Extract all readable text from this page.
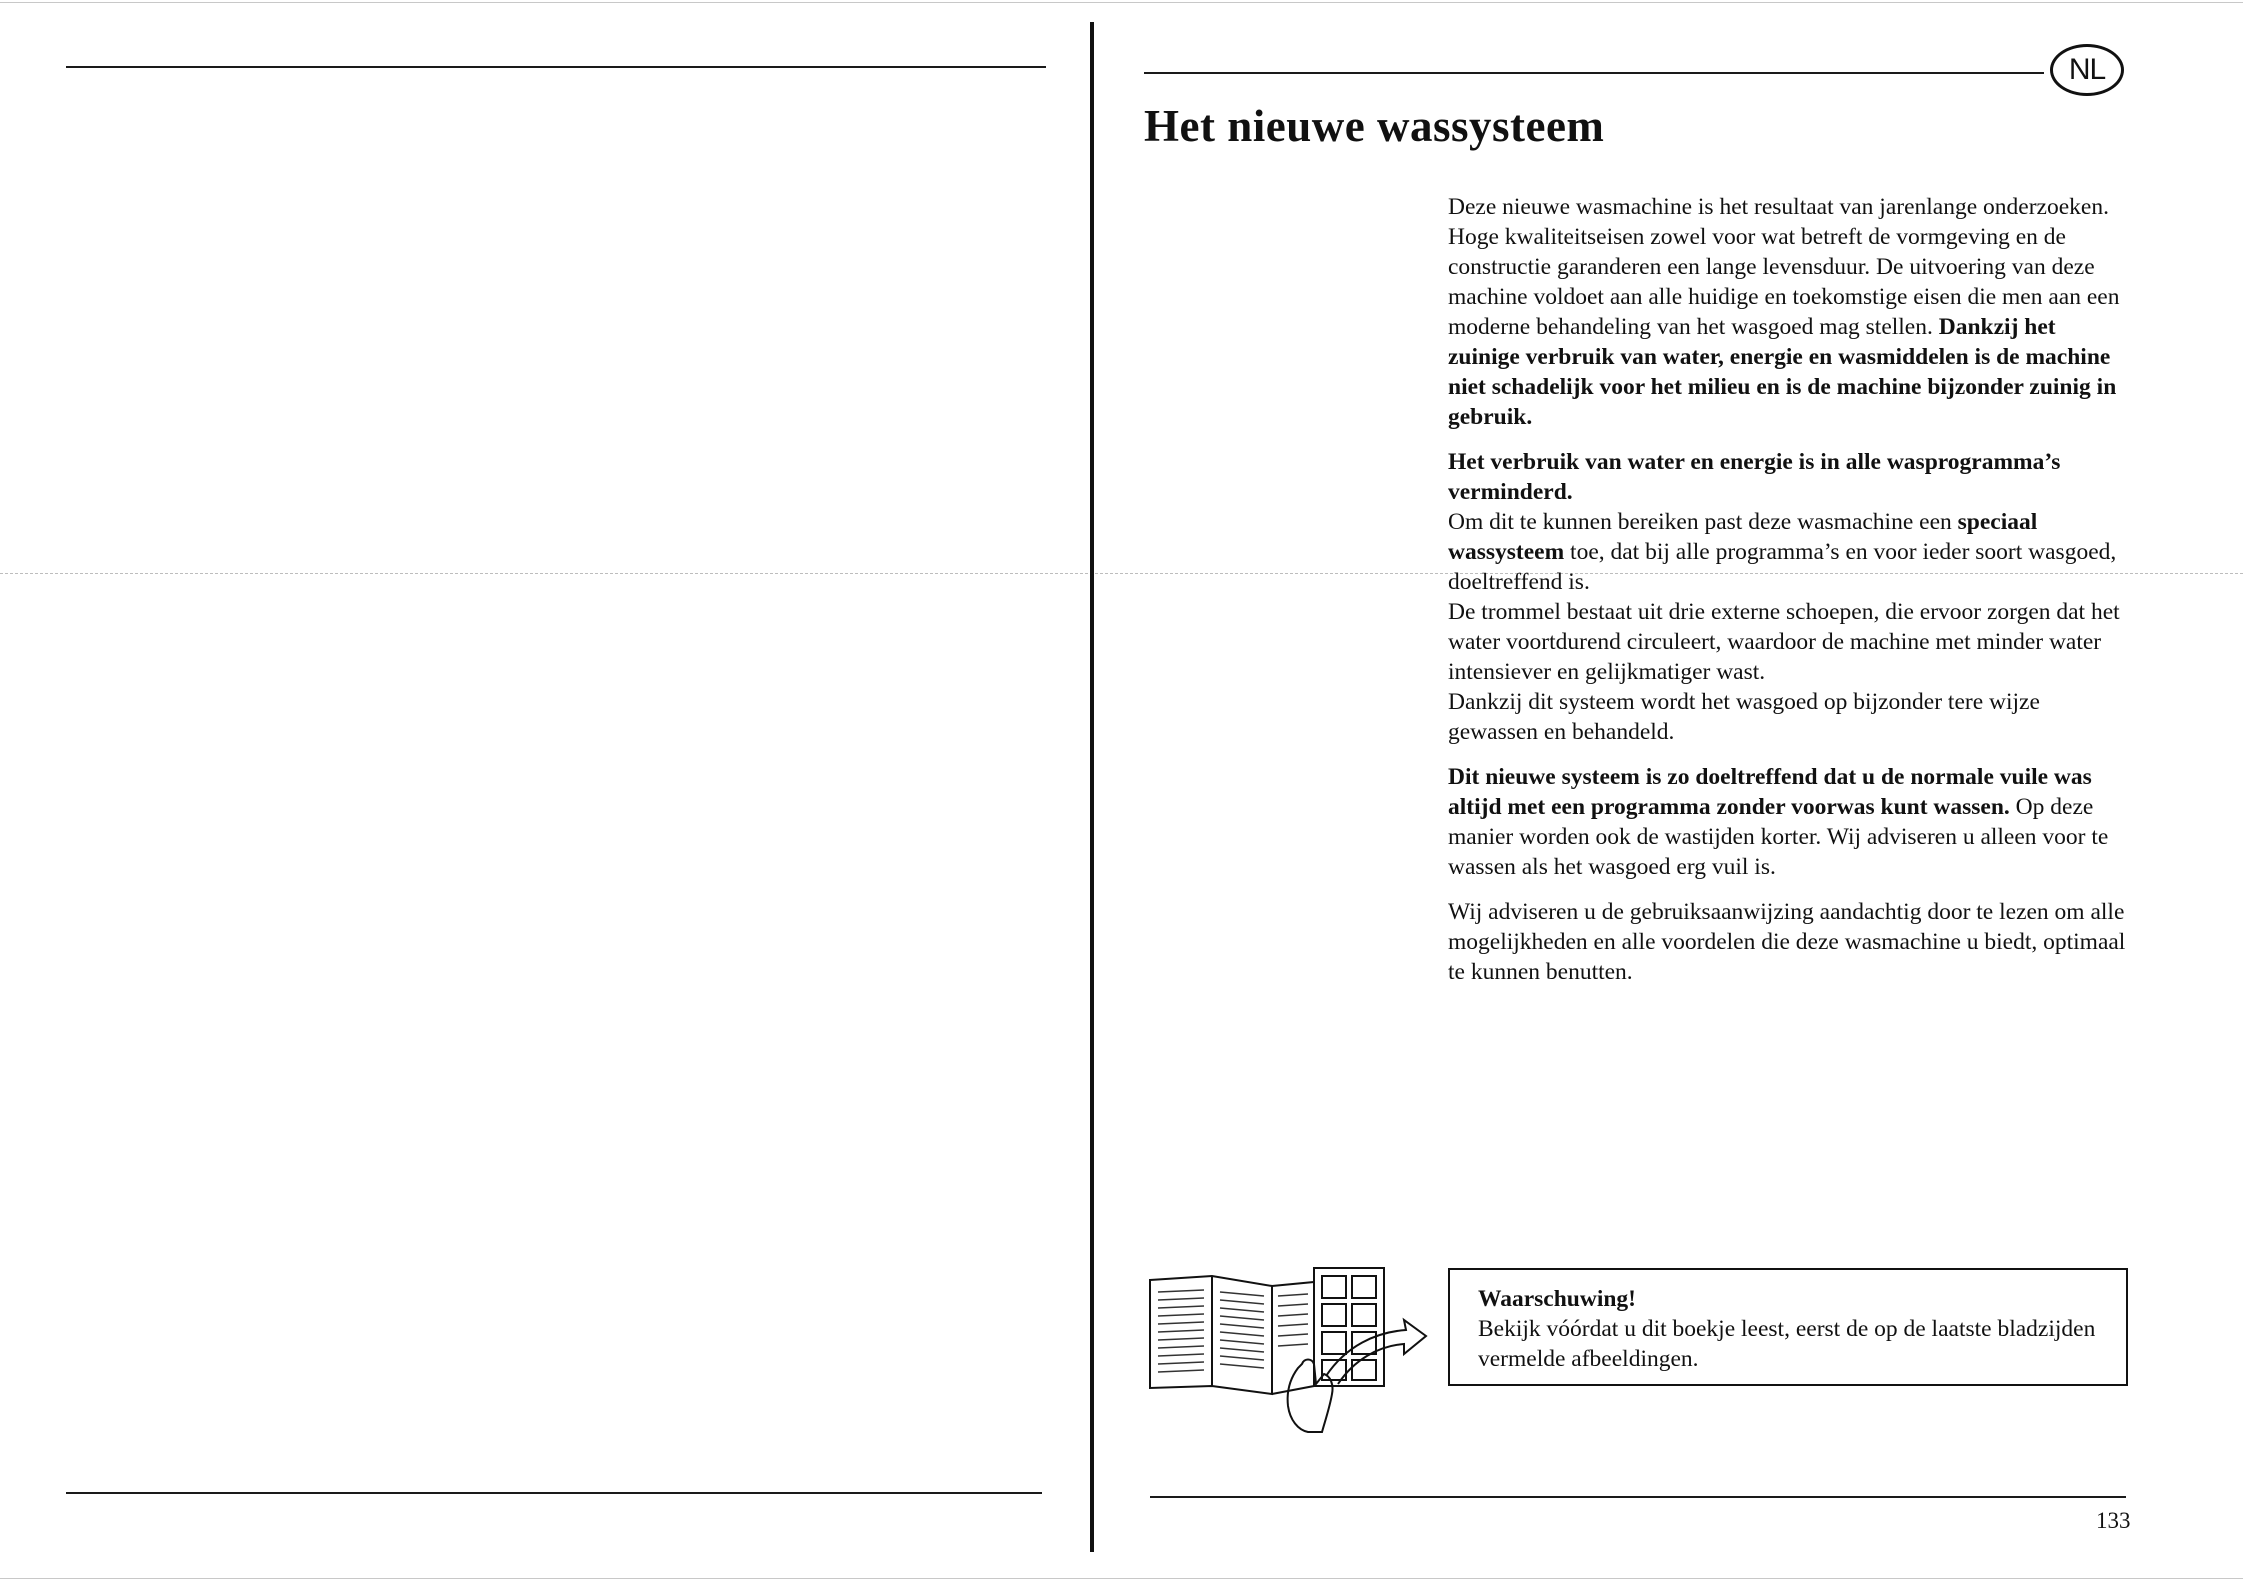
NL
Het nieuwe wassysteem

Deze nieuwe wasmachine is het resultaat van jarenlange onderzoeken. Hoge kwaliteitseisen zowel voor wat betreft de vormgeving en de constructie garanderen een lange levensduur. De uitvoering van deze machine voldoet aan alle huidige en toekomstige eisen die men aan een moderne behandeling van het wasgoed mag stellen. Dankzij het zuinige verbruik van water, energie en wasmiddelen is de machine niet schadelijk voor het milieu en is de machine bijzonder zuinig in gebruik.

Het verbruik van water en energie is in alle wasprogramma’s verminderd.
Om dit te kunnen bereiken past deze wasmachine een speciaal wassysteem toe, dat bij alle programma’s en voor ieder soort wasgoed, doeltreffend is.
De trommel bestaat uit drie externe schoepen, die ervoor zorgen dat het water voortdurend circuleert, waardoor de machine met minder water intensiever en gelijkmatiger wast.
Dankzij dit systeem wordt het wasgoed op bijzonder tere wijze gewassen en behandeld.

Dit nieuwe systeem is zo doeltreffend dat u de normale vuile was altijd met een programma zonder voorwas kunt wassen. Op deze manier worden ook de wastijden korter. Wij adviseren u alleen voor te wassen als het wasgoed erg vuil is.

Wij adviseren u de gebruiksaanwijzing aandachtig door te lezen om alle mogelijkheden en alle voordelen die deze wasmachine u biedt, optimaal te kunnen benutten.

Waarschuwing!
Bekijk vóórdat u dit boekje leest, eerst de op de laatste bladzijden vermelde afbeeldingen.
133
